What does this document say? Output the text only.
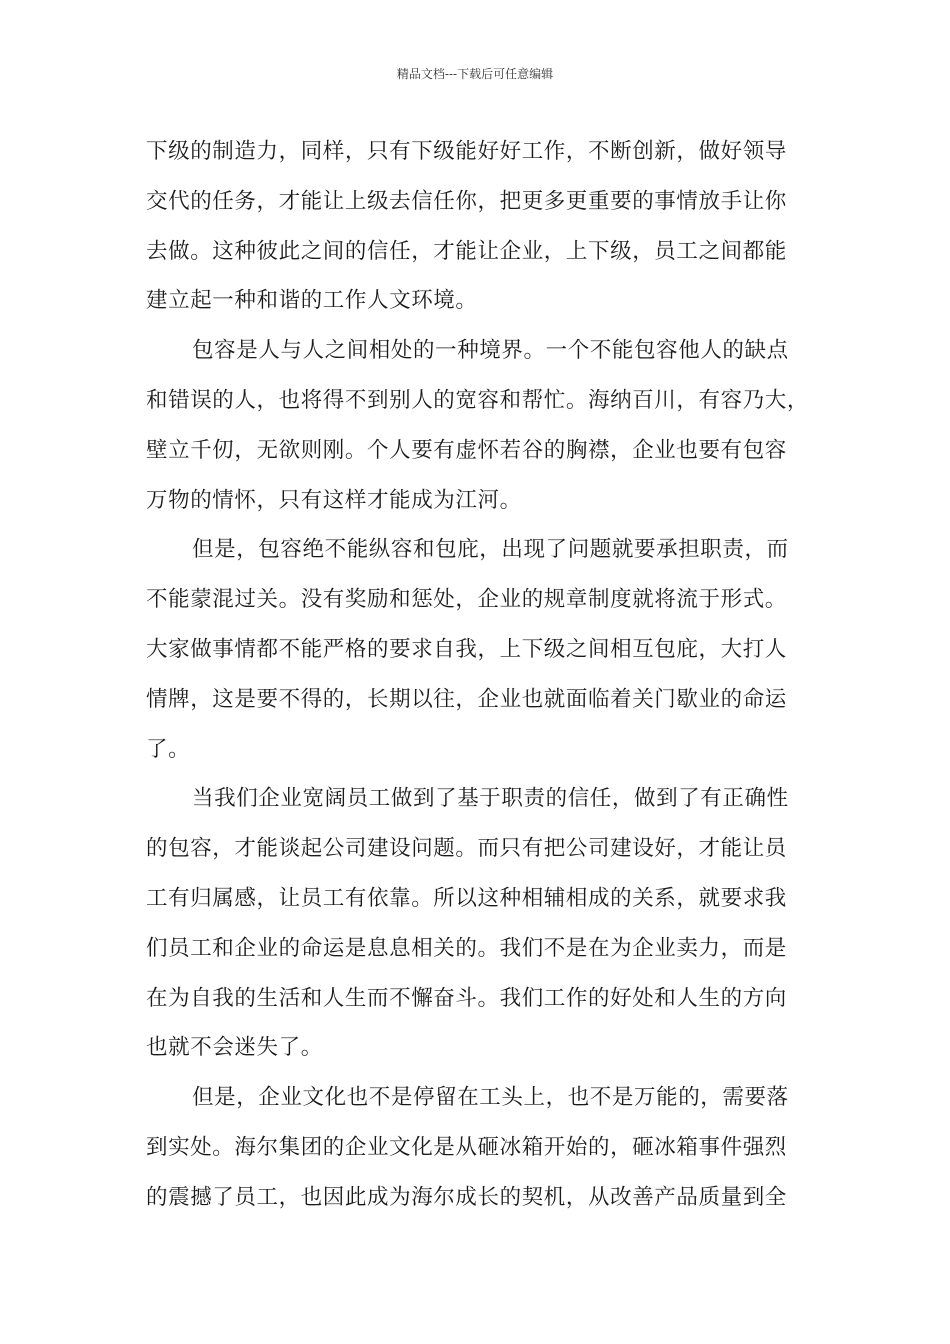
精品文档---下载后可任意编辑
下级的制造力，同样，只有下级能好好工作，不断创新，做好领导
交代的任务，才能让上级去信任你，把更多更重要的事情放手让你
去做。这种彼此之间的信任，才能让企业，上下级，员工之间都能
建立起一种和谐的工作人文环境。
包容是人与人之间相处的一种境界。一个不能包容他人的缺点
和错误的人，也将得不到别人的宽容和帮忙。海纳百川，有容乃大，
壁立千仞，无欲则刚。个人要有虚怀若谷的胸襟，企业也要有包容
万物的情怀，只有这样才能成为江河。
但是，包容绝不能纵容和包庇，出现了问题就要承担职责，而
不能蒙混过关。没有奖励和惩处，企业的规章制度就将流于形式。
大家做事情都不能严格的要求自我，上下级之间相互包庇，大打人
情牌，这是要不得的，长期以往，企业也就面临着关门歇业的命运
了。
当我们企业宽阔员工做到了基于职责的信任，做到了有正确性
的包容，才能谈起公司建设问题。而只有把公司建设好，才能让员
工有归属感，让员工有依靠。所以这种相辅相成的关系，就要求我
们员工和企业的命运是息息相关的。我们不是在为企业卖力，而是
在为自我的生活和人生而不懈奋斗。我们工作的好处和人生的方向
也就不会迷失了。
但是，企业文化也不是停留在工头上，也不是万能的，需要落
到实处。海尔集团的企业文化是从砸冰箱开始的，砸冰箱事件强烈
的震撼了员工，也因此成为海尔成长的契机，从改善产品质量到全
